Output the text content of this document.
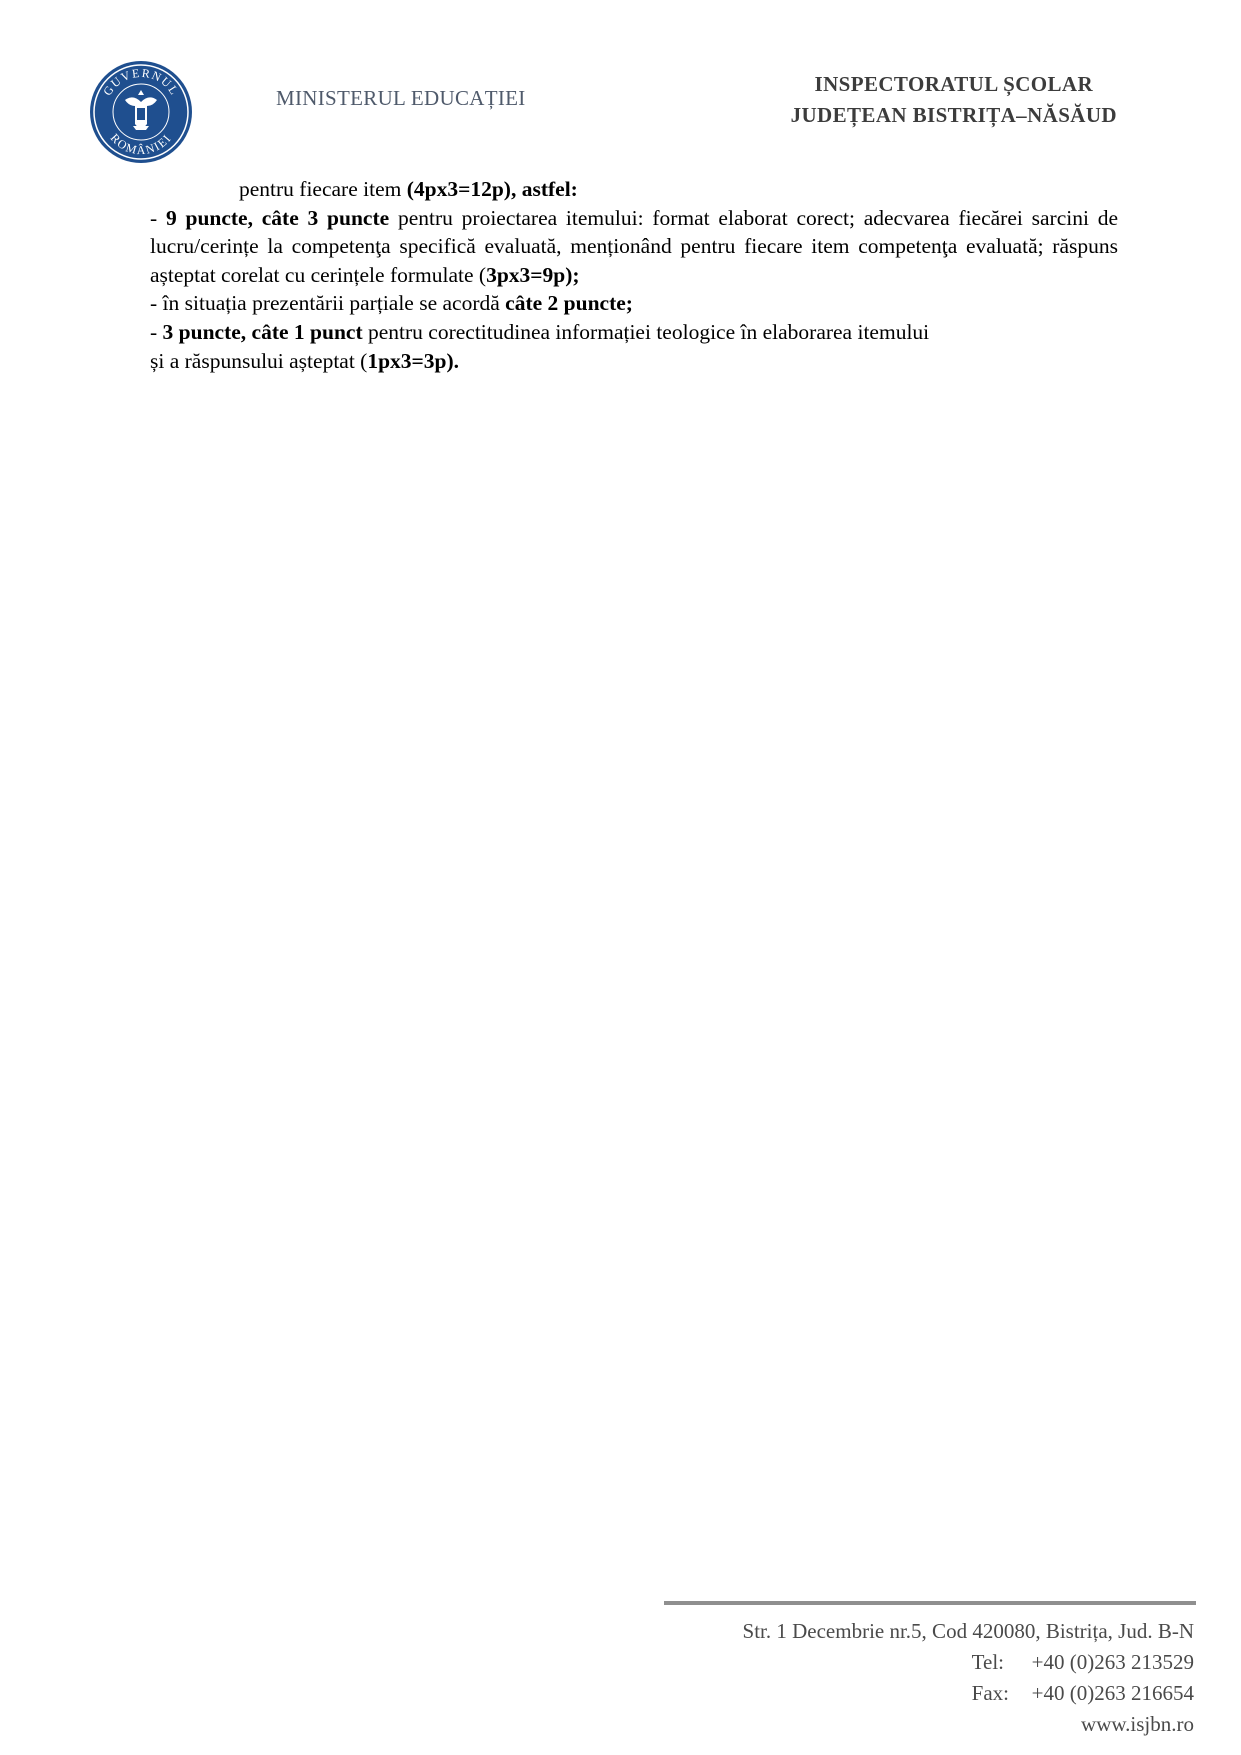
GUVERNUL
ROMÂNIEI
MINISTERUL EDUCAȚIEI
INSPECTORATUL ȘCOLAR
JUDEȚEAN BISTRIȚA–NĂSĂUD

pentru fiecare item (4px3=12p), astfel:

- 9 puncte, câte 3 puncte pentru proiectarea itemului: format elaborat corect; adecvarea fiecărei sarcini de lucru/cerințe la competenţa specifică evaluată, menționând pentru fiecare item competenţa evaluată; răspuns așteptat corelat cu cerințele formulate (3px3=9p);

- în situația prezentării parțiale se acordă câte 2 puncte;

- 3 puncte, câte 1 punct pentru corectitudinea informației teologice în elaborarea itemului

și a răspunsului așteptat (1px3=3p).

Str. 1 Decembrie nr.5, Cod 420080, Bistrița, Jud. B-N
Tel: +40 (0)263 213529
Fax: +40 (0)263 216654
www.isjbn.ro
